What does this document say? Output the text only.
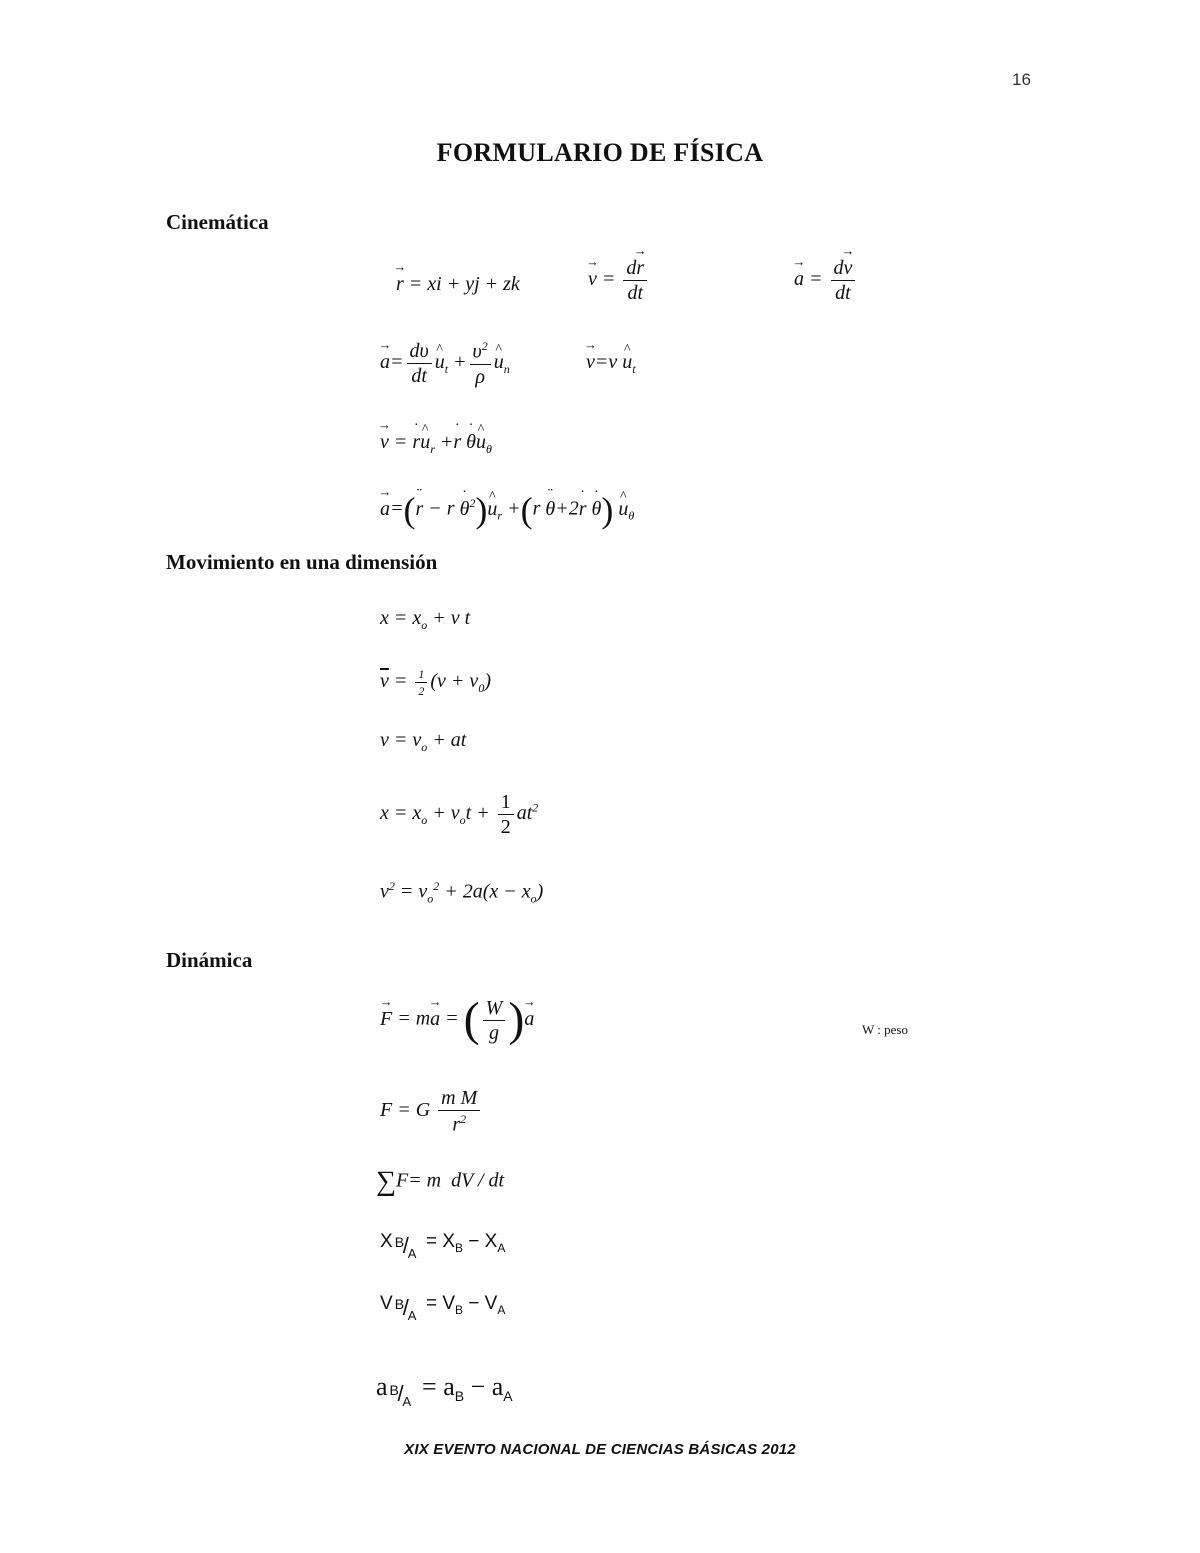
16
FORMULARIO DE FÍSICA
Cinemática
→ r = xi + yj + zk	→ $v = \frac{d\to r}{dt}$	→ $a = \frac{d\to v}{dt}$
→ $a= \frac{d\upsilon}{dt}$ ^ $u_t + \frac{\upsilon^2}{\rho}$ ^ $u_n$	→ ν=ν ^ $u_t$
→ ν = ˙ r^ $u_r$ +˙ r ˙ θ^ $u_\theta$
→ a=(¨ r − r ˙ $\theta^2)\^{}$ $u_r +(r$ ¨ θ+2˙ r ˙ θ) ^ $u_\theta$
Movimiento en una dimensión
$x = x_o + v$ t
$\overline{v} = \frac{1}{2} (v + v_0)$
$v = v_o$ + at
$x = x_o + v_ot + \frac{1}{2} at^2$
$v^2 = v_o^2 + 2a(x - x_o)$
Dinámica
→ F = m→ a = ( $\frac{W}{g}$ )→ a	W : peso
F = G $\frac{\text{m M}}{r^2}$
∑F= m  dV / dt
X B
/
A
= $X_B - X_A$
V B
/
A
= $V_B - V_A$
a B
/
A
= $a_B - a_A$
XIX EVENTO NACIONAL DE CIENCIAS BÁSICAS 2012
